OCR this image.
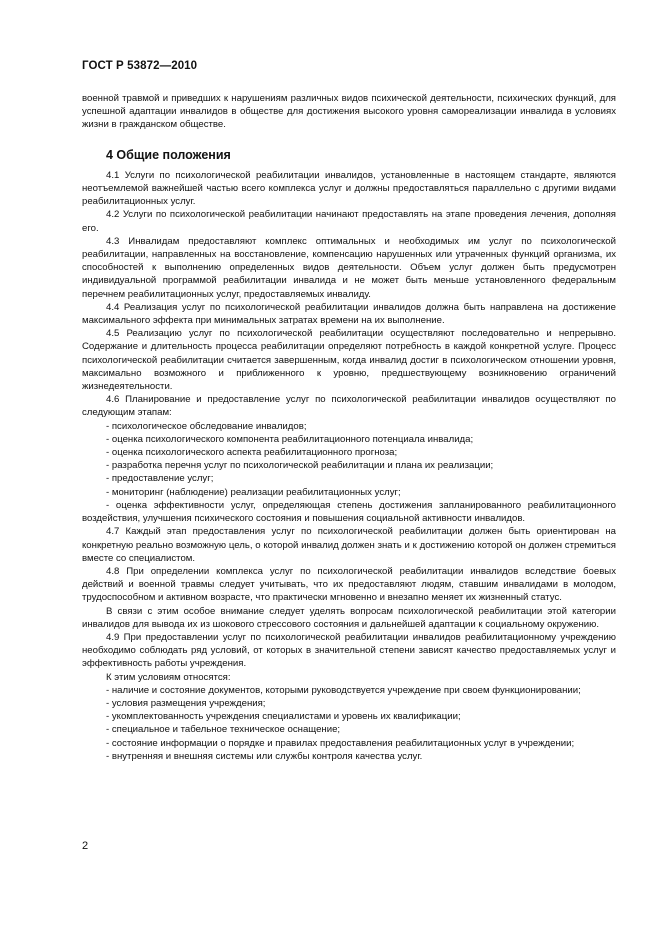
ГОСТ Р 53872—2010

военной травмой и приведших к нарушениям различных видов психической деятельности, психических функций, для успешной адаптации инвалидов в обществе для достижения высокого уровня самореализации инвалида в условиях жизни в гражданском обществе.

4 Общие положения

4.1 Услуги по психологической реабилитации инвалидов, установленные в настоящем стандарте, являются неотъемлемой важнейшей частью всего комплекса услуг и должны предоставляться параллельно с другими видами реабилитационных услуг.

4.2 Услуги по психологической реабилитации начинают предоставлять на этапе проведения лечения, дополняя его.

4.3 Инвалидам предоставляют комплекс оптимальных и необходимых им услуг по психологической реабилитации, направленных на восстановление, компенсацию нарушенных или утраченных функций организма, их способностей к выполнению определенных видов деятельности. Объем услуг должен быть предусмотрен индивидуальной программой реабилитации инвалида и не может быть меньше установленного федеральным перечнем реабилитационных услуг, предоставляемых инвалиду.

4.4 Реализация услуг по психологической реабилитации инвалидов должна быть направлена на достижение максимального эффекта при минимальных затратах времени на их выполнение.

4.5 Реализацию услуг по психологической реабилитации осуществляют последовательно и непрерывно. Содержание и длительность процесса реабилитации определяют потребность в каждой конкретной услуге. Процесс психологической реабилитации считается завершенным, когда инвалид достиг в психологическом отношении уровня, максимально возможного и приближенного к уровню, предшествующему возникновению ограничений жизнедеятельности.

4.6 Планирование и предоставление услуг по психологической реабилитации инвалидов осуществляют по следующим этапам:

- психологическое обследование инвалидов;

- оценка психологического компонента реабилитационного потенциала инвалида;

- оценка психологического аспекта реабилитационного прогноза;

- разработка перечня услуг по психологической реабилитации и плана их реализации;

- предоставление услуг;

- мониторинг (наблюдение) реализации реабилитационных услуг;

- оценка эффективности услуг, определяющая степень достижения запланированного реабилитационного воздействия, улучшения психического состояния и повышения социальной активности инвалидов.

4.7 Каждый этап предоставления услуг по психологической реабилитации должен быть ориентирован на конкретную реально возможную цель, о которой инвалид должен знать и к достижению которой он должен стремиться вместе со специалистом.

4.8 При определении комплекса услуг по психологической реабилитации инвалидов вследствие боевых действий и военной травмы следует учитывать, что их предоставляют людям, ставшим инвалидами в молодом, трудоспособном и активном возрасте, что практически мгновенно и внезапно меняет их жизненный статус.

В связи с этим особое внимание следует уделять вопросам психологической реабилитации этой категории инвалидов для вывода их из шокового стрессового состояния и дальнейшей адаптации к социальному окружению.

4.9 При предоставлении услуг по психологической реабилитации инвалидов реабилитационному учреждению необходимо соблюдать ряд условий, от которых в значительной степени зависят качество предоставляемых услуг и эффективность работы учреждения.

К этим условиям относятся:

- наличие и состояние документов, которыми руководствуется учреждение при своем функционировании;

- условия размещения учреждения;

- укомплектованность учреждения специалистами и уровень их квалификации;

- специальное и табельное техническое оснащение;

- состояние информации о порядке и правилах предоставления реабилитационных услуг в учреждении;

- внутренняя и внешняя системы или службы контроля качества услуг.

2
